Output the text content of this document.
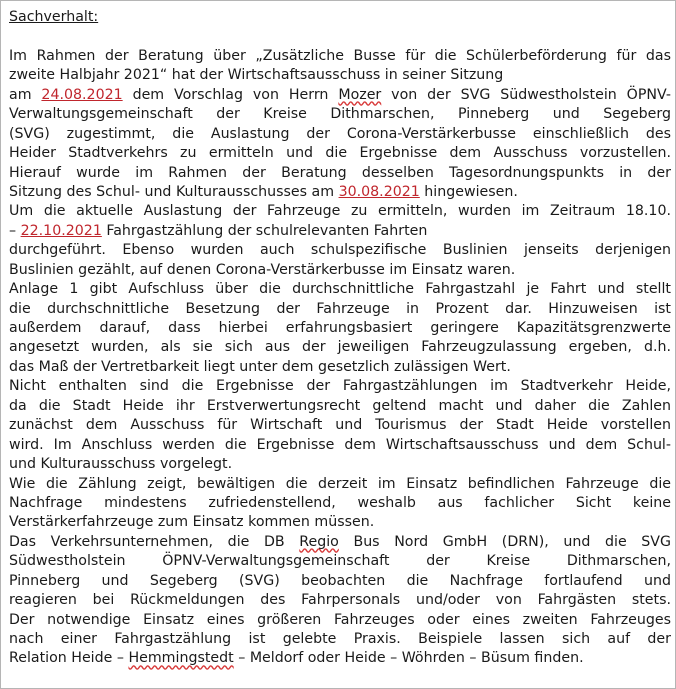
Sachverhalt:
Im Rahmen der Beratung über „Zusätzliche Busse für die Schülerbeförderung für das
zweite Halbjahr 2021“ hat der Wirtschaftsausschuss in seiner Sitzung
am 24.08.2021 dem Vorschlag von Herrn Mozer von der SVG Südwestholstein ÖPNV-
Verwaltungsgemeinschaft der Kreise Dithmarschen, Pinneberg und Segeberg
(SVG) zugestimmt, die Auslastung der Corona-Verstärkerbusse einschließlich des
Heider Stadtverkehrs zu ermitteln und die Ergebnisse dem Ausschuss vorzustellen.
Hierauf wurde im Rahmen der Beratung desselben Tagesordnungspunkts in der
Sitzung des Schul- und Kulturausschusses am 30.08.2021 hingewiesen.
Um die aktuelle Auslastung der Fahrzeuge zu ermitteln, wurden im Zeitraum 18.10.
– 22.10.2021 Fahrgastzählung der schulrelevanten Fahrten
durchgeführt. Ebenso wurden auch schulspezifische Buslinien jenseits derjenigen
Buslinien gezählt, auf denen Corona-Verstärkerbusse im Einsatz waren.
Anlage 1 gibt Aufschluss über die durchschnittliche Fahrgastzahl je Fahrt und stellt
die durchschnittliche Besetzung der Fahrzeuge in Prozent dar. Hinzuweisen ist
außerdem darauf, dass hierbei erfahrungsbasiert geringere Kapazitätsgrenzwerte
angesetzt wurden, als sie sich aus der jeweiligen Fahrzeugzulassung ergeben, d.h.
das Maß der Vertretbarkeit liegt unter dem gesetzlich zulässigen Wert.
Nicht enthalten sind die Ergebnisse der Fahrgastzählungen im Stadtverkehr Heide,
da die Stadt Heide ihr Erstverwertungsrecht geltend macht und daher die Zahlen
zunächst dem Ausschuss für Wirtschaft und Tourismus der Stadt Heide vorstellen
wird. Im Anschluss werden die Ergebnisse dem Wirtschaftsausschuss und dem Schul-
und Kulturausschuss vorgelegt.
Wie die Zählung zeigt, bewältigen die derzeit im Einsatz befindlichen Fahrzeuge die
Nachfrage mindestens zufriedenstellend, weshalb aus fachlicher Sicht keine
Verstärkerfahrzeuge zum Einsatz kommen müssen.
Das Verkehrsunternehmen, die DB Regio Bus Nord GmbH (DRN), und die SVG
Südwestholstein ÖPNV-Verwaltungsgemeinschaft der Kreise Dithmarschen,
Pinneberg und Segeberg (SVG) beobachten die Nachfrage fortlaufend und
reagieren bei Rückmeldungen des Fahrpersonals und/oder von Fahrgästen stets.
Der notwendige Einsatz eines größeren Fahrzeuges oder eines zweiten Fahrzeuges
nach einer Fahrgastzählung ist gelebte Praxis. Beispiele lassen sich auf der
Relation Heide – Hemmingstedt – Meldorf oder Heide – Wöhrden – Büsum finden.
